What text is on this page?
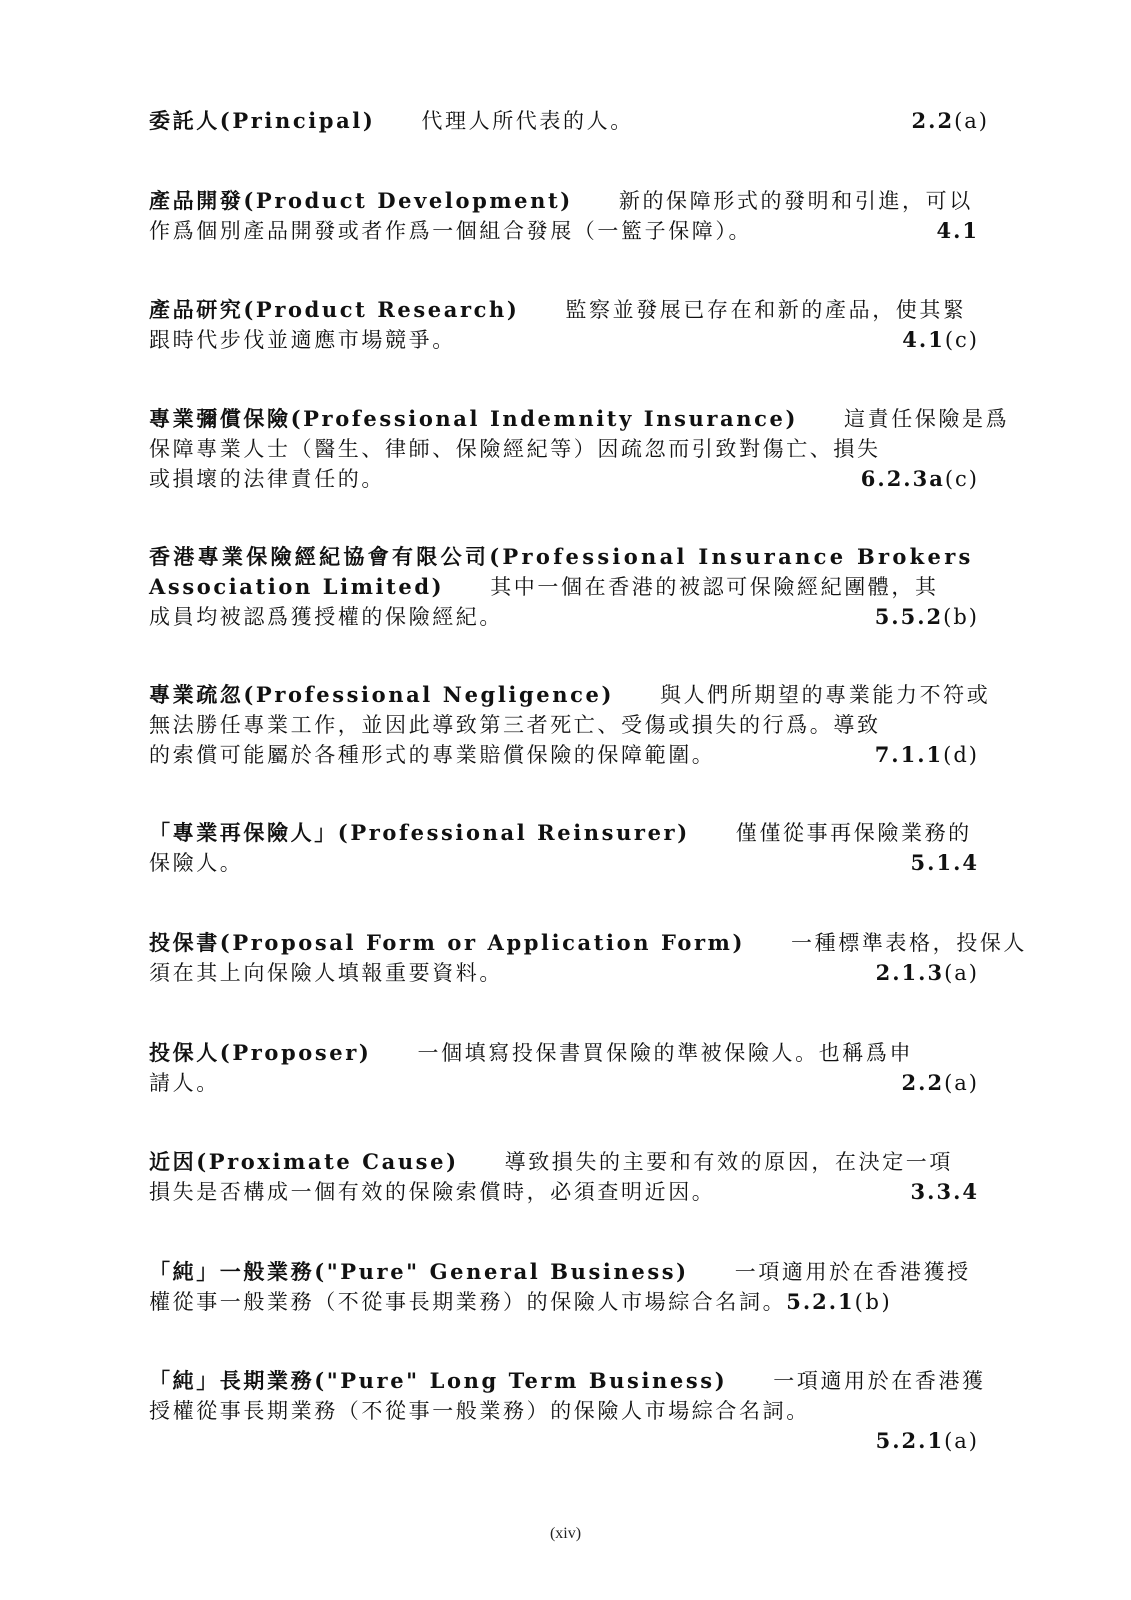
委託人(Principal) 代理人所代表的人。	2.2(a)
產品開發(Product Development) 新的保障形式的發明和引進，可以
作爲個別產品開發或者作爲一個組合發展（一籃子保障）。	4.1
產品研究(Product Research) 監察並發展已存在和新的產品，使其緊
跟時代步伐並適應市場競爭。	4.1(c)
專業彌償保險(Professional Indemnity Insurance) 這責任保險是爲
保障專業人士（醫生、律師、保險經紀等）因疏忽而引致對傷亡、損失
或損壞的法律責任的。	6.2.3a(c)
香港專業保險經紀協會有限公司(Professional Insurance Brokers
Association Limited) 其中一個在香港的被認可保險經紀團體，其
成員均被認爲獲授權的保險經紀。	5.5.2(b)
專業疏忽(Professional Negligence) 與人們所期望的專業能力不符或
無法勝任專業工作，並因此導致第三者死亡、受傷或損失的行爲。導致
的索償可能屬於各種形式的專業賠償保險的保障範圍。	7.1.1(d)
「專業再保險人」(Professional Reinsurer) 僅僅從事再保險業務的
保險人。	5.1.4
投保書(Proposal Form or Application Form) 一種標準表格，投保人
須在其上向保險人填報重要資料。	2.1.3(a)
投保人(Proposer) 一個填寫投保書買保險的準被保險人。也稱爲申
請人。	2.2(a)
近因(Proximate Cause) 導致損失的主要和有效的原因，在決定一項
損失是否構成一個有效的保險索償時，必須查明近因。	3.3.4
「純」一般業務("Pure" General Business) 一項適用於在香港獲授
權從事一般業務（不從事長期業務）的保險人市場綜合名詞。5.2.1(b)
「純」長期業務("Pure" Long Term Business) 一項適用於在香港獲
授權從事長期業務（不從事一般業務）的保險人市場綜合名詞。
5.2.1(a)
(xiv)
